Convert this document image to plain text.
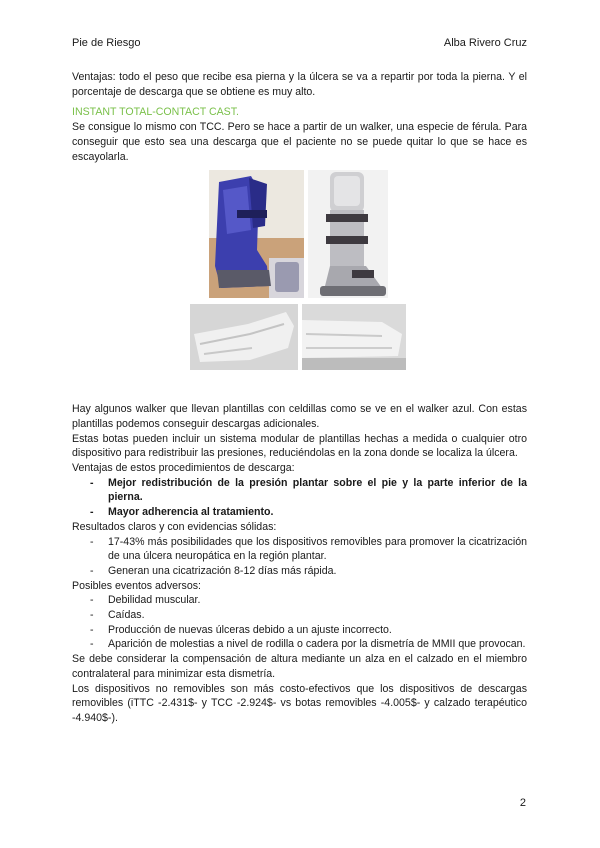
Pie de Riesgo	Alba Rivero Cruz

Ventajas: todo el peso que recibe esa pierna y la úlcera se va a repartir por toda la pierna. Y el porcentaje de descarga que se obtiene es muy alto.

INSTANT TOTAL-CONTACT CAST.

Se consigue lo mismo con TCC. Pero se hace a partir de un walker, una especie de férula. Para conseguir que esto sea una descarga que el paciente no se puede quitar lo que se hace es escayolarla.

Hay algunos walker que llevan plantillas con celdillas como se ve en el walker azul. Con estas plantillas podemos conseguir descargas adicionales.

Estas botas pueden incluir un sistema modular de plantillas hechas a medida o cualquier otro dispositivo para redistribuir las presiones, reduciéndolas en la zona donde se localiza la úlcera.

Ventajas de estos procedimientos de descarga:

- Mejor redistribución de la presión plantar sobre el pie y la parte inferior de la pierna.
- Mayor adherencia al tratamiento.

Resultados claros y con evidencias sólidas:

- 17-43% más posibilidades que los dispositivos removibles para promover la cicatrización de una úlcera neuropática en la región plantar.
- Generan una cicatrización 8-12 días más rápida.

Posibles eventos adversos:

- Debilidad muscular.
- Caídas.
- Producción de nuevas úlceras debido a un ajuste incorrecto.
- Aparición de molestias a nivel de rodilla o cadera por la dismetría de MMII que provocan.

Se debe considerar la compensación de altura mediante un alza en el calzado en el miembro contralateral para minimizar esta dismetría.

Los dispositivos no removibles son más costo-efectivos que los dispositivos de descargas removibles (iTTC -2.431$- y TCC -2.924$- vs botas removibles -4.005$- y calzado terapéutico -4.940$-).

2
